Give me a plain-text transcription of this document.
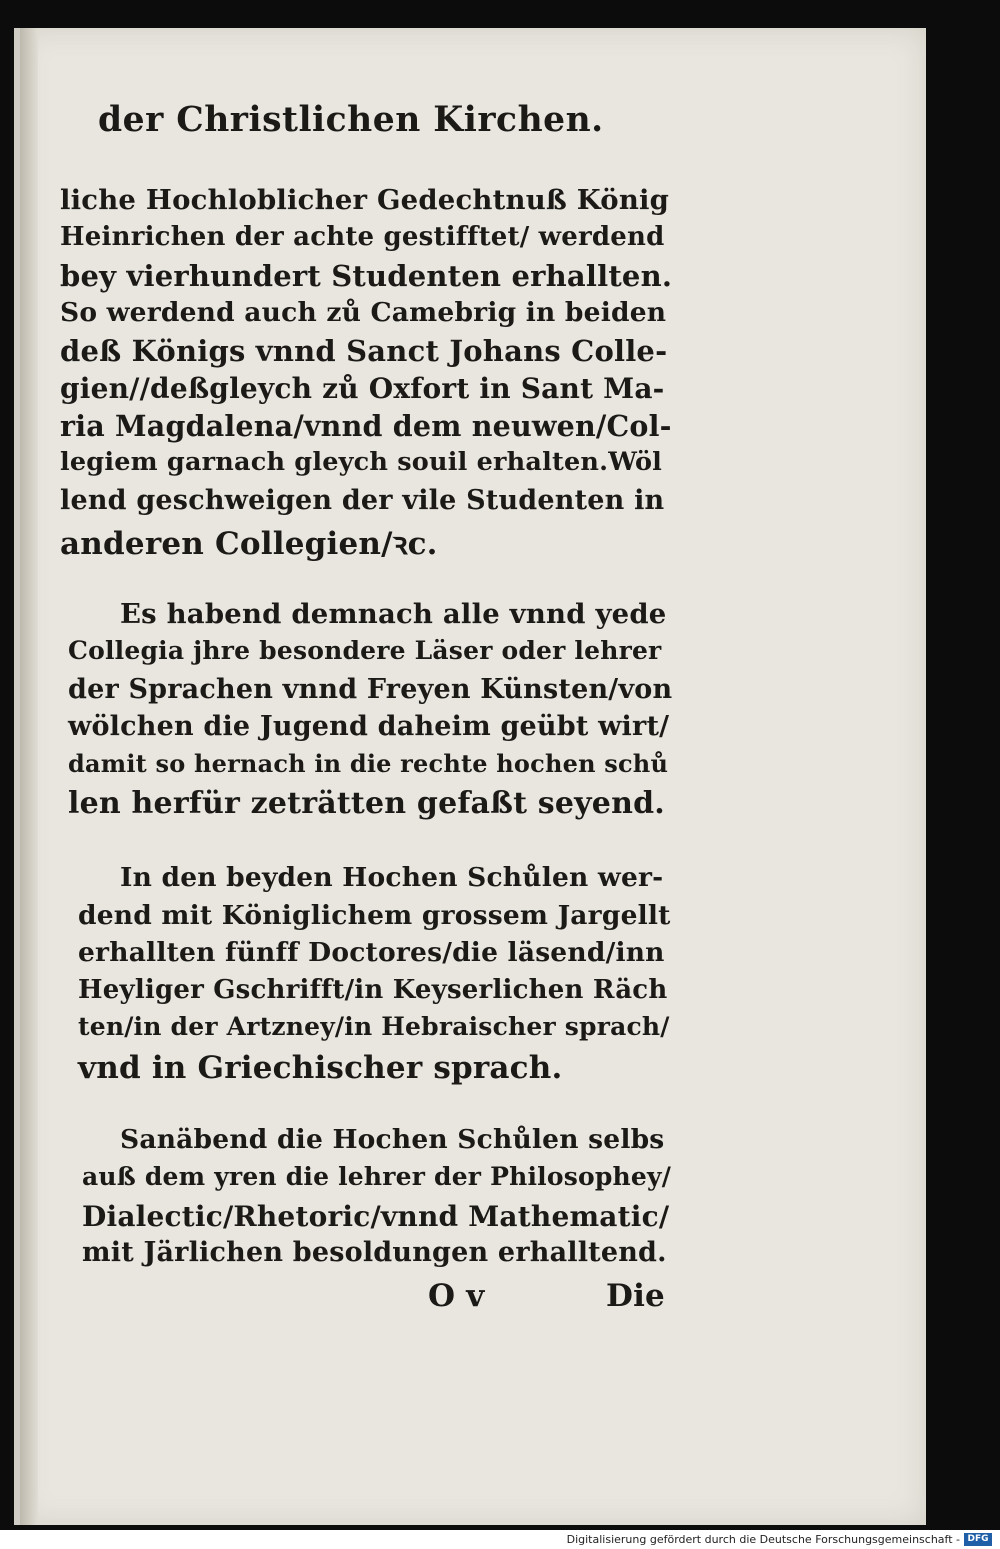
der Christlichen Kirchen.
liche Hochloblicher Gedechtnuß König
Heinrichen der achte gestifftet/ werdend
bey vierhundert Studenten erhallten.
So werdend auch zů Camebrig in beiden
deß Königs vnnd Sanct Johans Colle-
gien//deßgleych zů Oxfort in Sant Ma-
ria Magdalena/vnnd dem neuwen/Col-
legiem garnach gleych souil erhalten.Wöl
lend geschweigen der vile Studenten in
anderen Collegien/ꝛc.
Es habend demnach alle vnnd yede
Collegia jhre besondere Läser oder lehrer
der Sprachen vnnd Freyen Künsten/von
wölchen die Jugend daheim geübt wirt/
damit so hernach in die rechte hochen schů
len herfür zeträtten gefaßt seyend.
In den beyden Hochen Schůlen wer-
dend mit Königlichem grossem Jargellt
erhallten fünff Doctores/die läsend/inn
Heyliger Gschrifft/in Keyserlichen Räch
ten/in der Artzney/in Hebraischer sprach/
vnd in Griechischer sprach.
Sanäbend die Hochen Schůlen selbs
auß dem yren die lehrer der Philosophey/
Dialectic/Rhetoric/vnnd Mathematic/
mit Järlichen besoldungen erhalltend.
O v	Die
Digitalisierung gefördert durch die Deutsche Forschungsgemeinschaft - DFG
